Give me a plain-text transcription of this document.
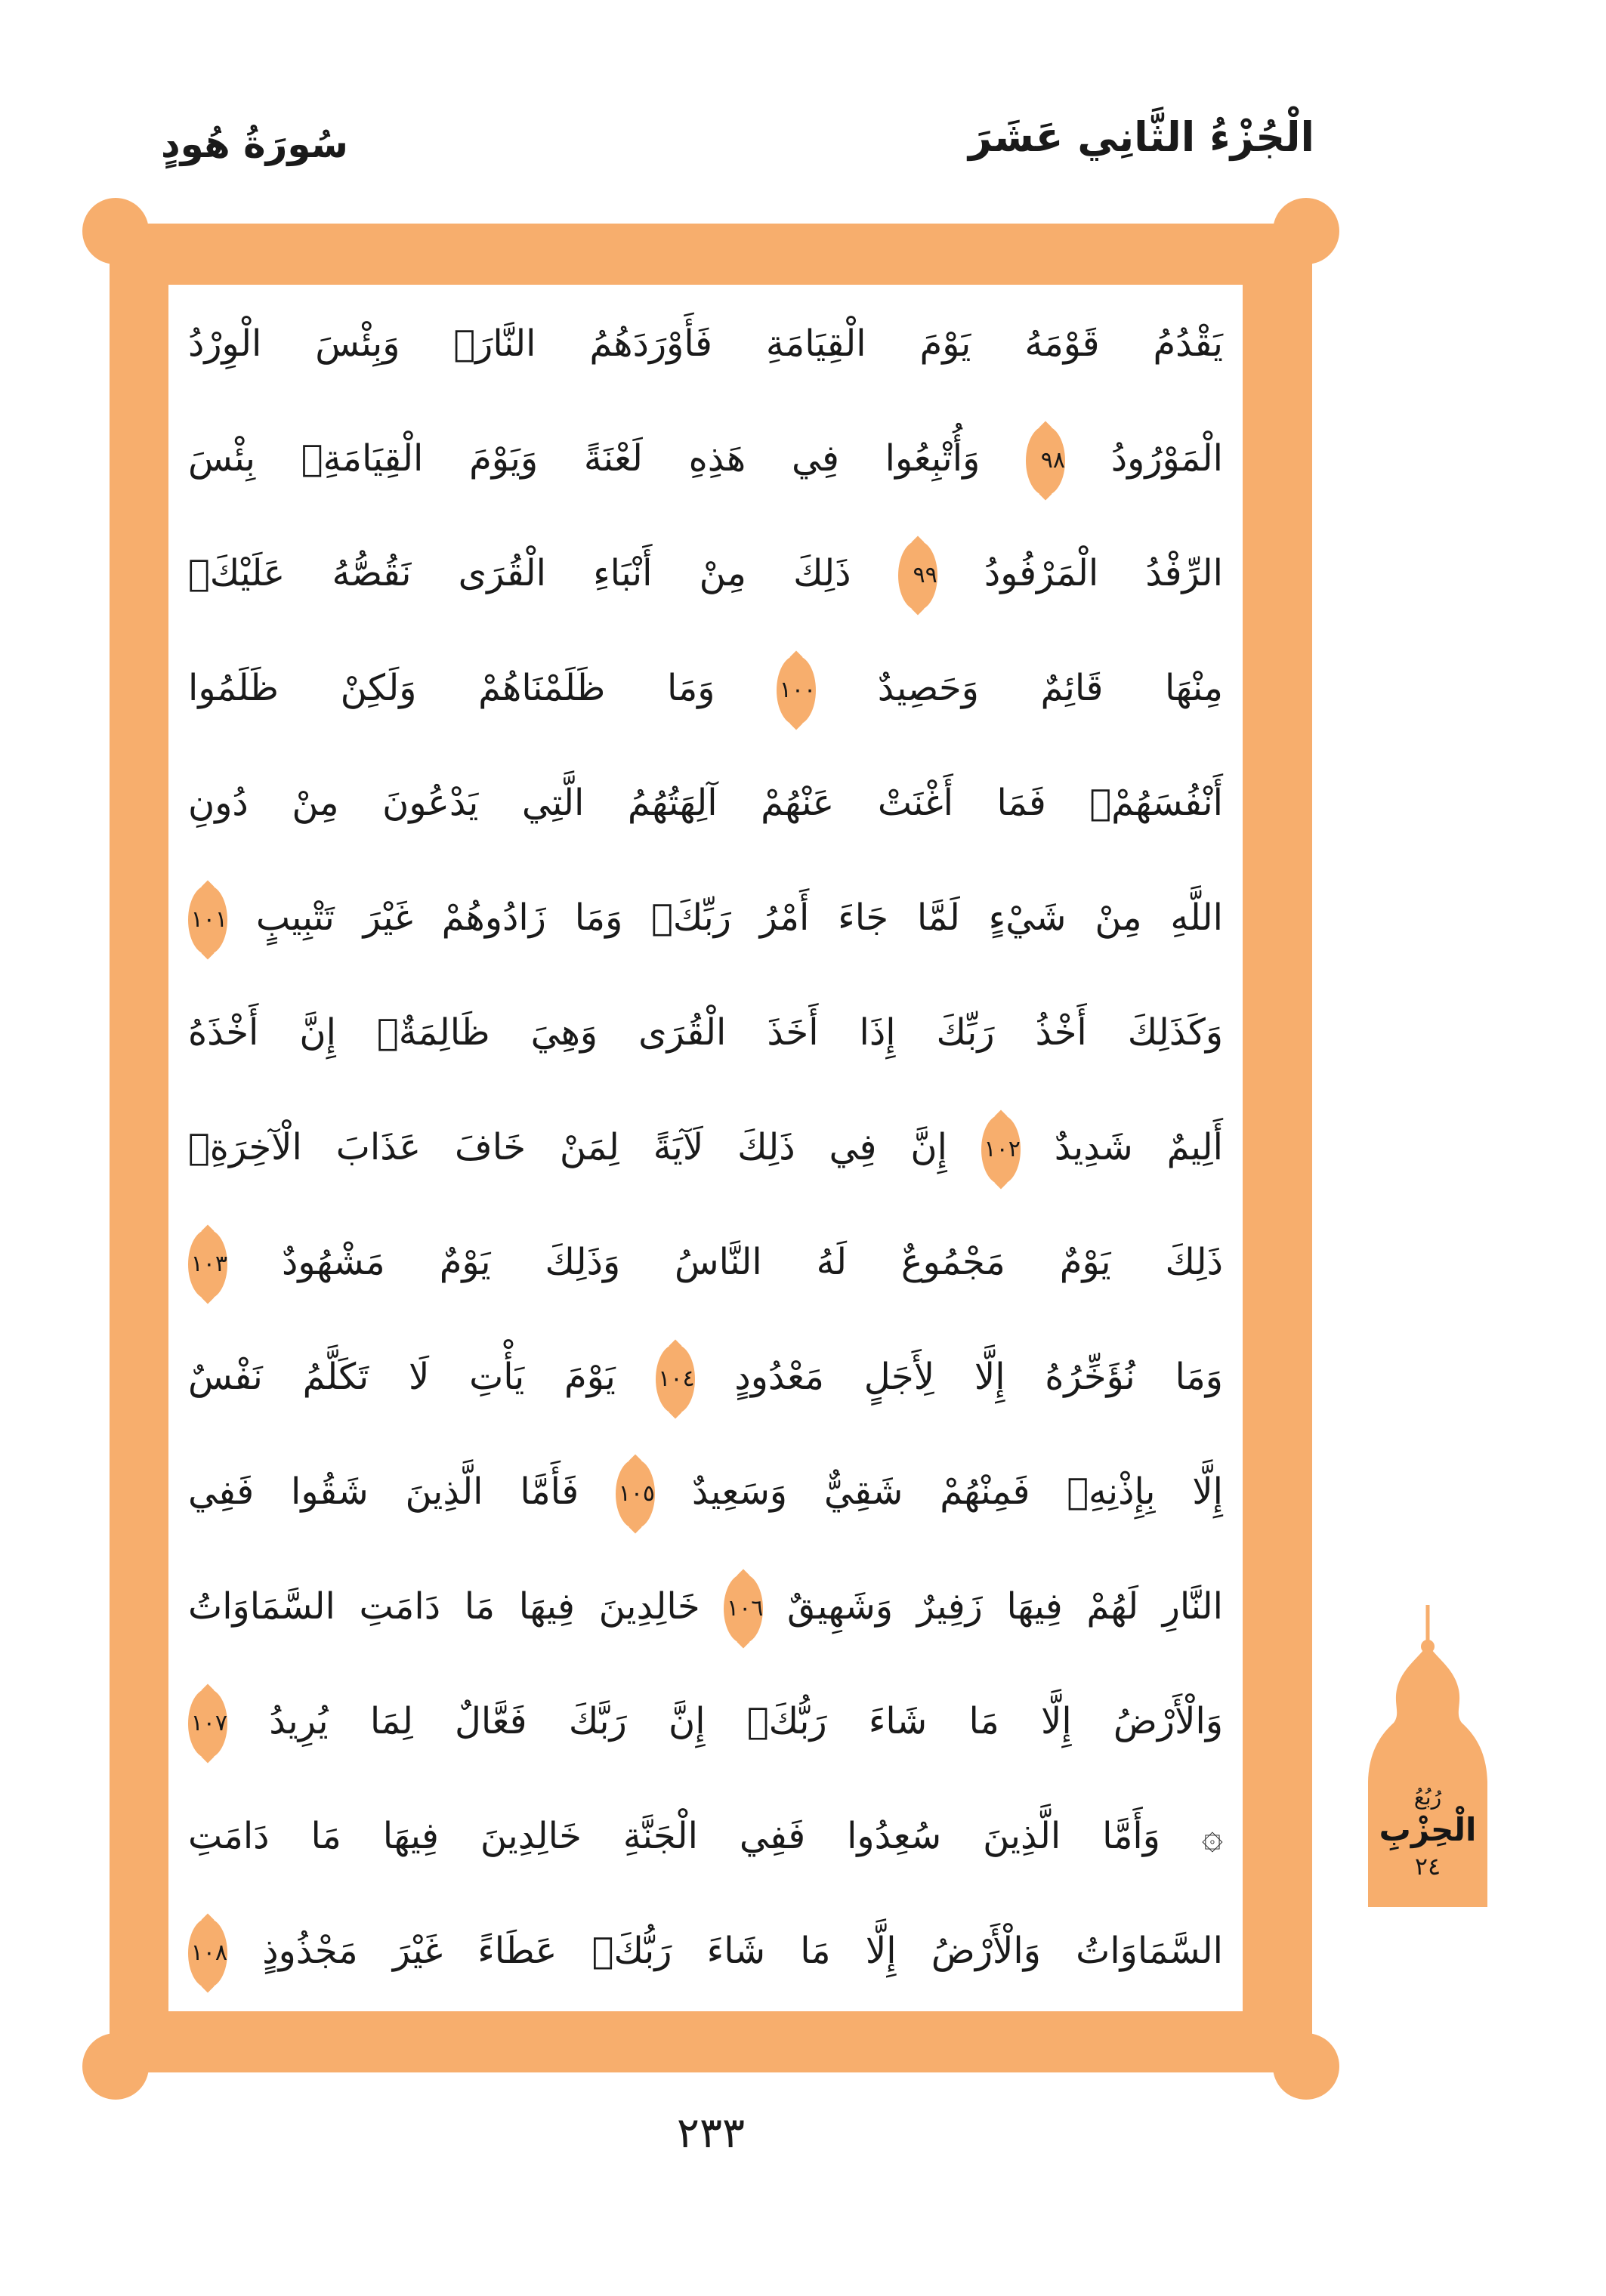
الْجُزْءُ الثَّانِي عَشَرَ
سُورَةُ هُودٍ
يَقْدُمُ قَوْمَهُ يَوْمَ الْقِيَامَةِ فَأَوْرَدَهُمُ النَّارَۖ وَبِئْسَ الْوِرْدُ
الْمَوْرُودُ ٩٨ وَأُتْبِعُوا فِي هَذِهِ لَعْنَةً وَيَوْمَ الْقِيَامَةِۚ بِئْسَ
الرِّفْدُ الْمَرْفُودُ ٩٩ ذَلِكَ مِنْ أَنْبَاءِ الْقُرَى نَقُصُّهُ عَلَيْكَۖ
مِنْهَا قَائِمٌ وَحَصِيدٌ ١٠٠ وَمَا ظَلَمْنَاهُمْ وَلَكِنْ ظَلَمُوا
أَنْفُسَهُمْۖ فَمَا أَغْنَتْ عَنْهُمْ آلِهَتُهُمُ الَّتِي يَدْعُونَ مِنْ دُونِ
اللَّهِ مِنْ شَيْءٍ لَمَّا جَاءَ أَمْرُ رَبِّكَۖ وَمَا زَادُوهُمْ غَيْرَ تَتْبِيبٍ ١٠١
وَكَذَلِكَ أَخْذُ رَبِّكَ إِذَا أَخَذَ الْقُرَى وَهِيَ ظَالِمَةٌۚ إِنَّ أَخْذَهُ
أَلِيمٌ شَدِيدٌ ١٠٢ إِنَّ فِي ذَلِكَ لَآيَةً لِمَنْ خَافَ عَذَابَ الْآخِرَةِۚ
ذَلِكَ يَوْمٌ مَجْمُوعٌ لَهُ النَّاسُ وَذَلِكَ يَوْمٌ مَشْهُودٌ ١٠٣
وَمَا نُؤَخِّرُهُ إِلَّا لِأَجَلٍ مَعْدُودٍ ١٠٤ يَوْمَ يَأْتِ لَا تَكَلَّمُ نَفْسٌ
إِلَّا بِإِذْنِهِۚ فَمِنْهُمْ شَقِيٌّ وَسَعِيدٌ ١٠٥ فَأَمَّا الَّذِينَ شَقُوا فَفِي
النَّارِ لَهُمْ فِيهَا زَفِيرٌ وَشَهِيقٌ ١٠٦ خَالِدِينَ فِيهَا مَا دَامَتِ السَّمَاوَاتُ
وَالْأَرْضُ إِلَّا مَا شَاءَ رَبُّكَۚ إِنَّ رَبَّكَ فَعَّالٌ لِمَا يُرِيدُ ١٠٧
۞ وَأَمَّا الَّذِينَ سُعِدُوا فَفِي الْجَنَّةِ خَالِدِينَ فِيهَا مَا دَامَتِ
السَّمَاوَاتُ وَالْأَرْضُ إِلَّا مَا شَاءَ رَبُّكَۖ عَطَاءً غَيْرَ مَجْذُوذٍ ١٠٨
رُبُعُ
الْحِزْبِ
٢٤
٢٣٣
